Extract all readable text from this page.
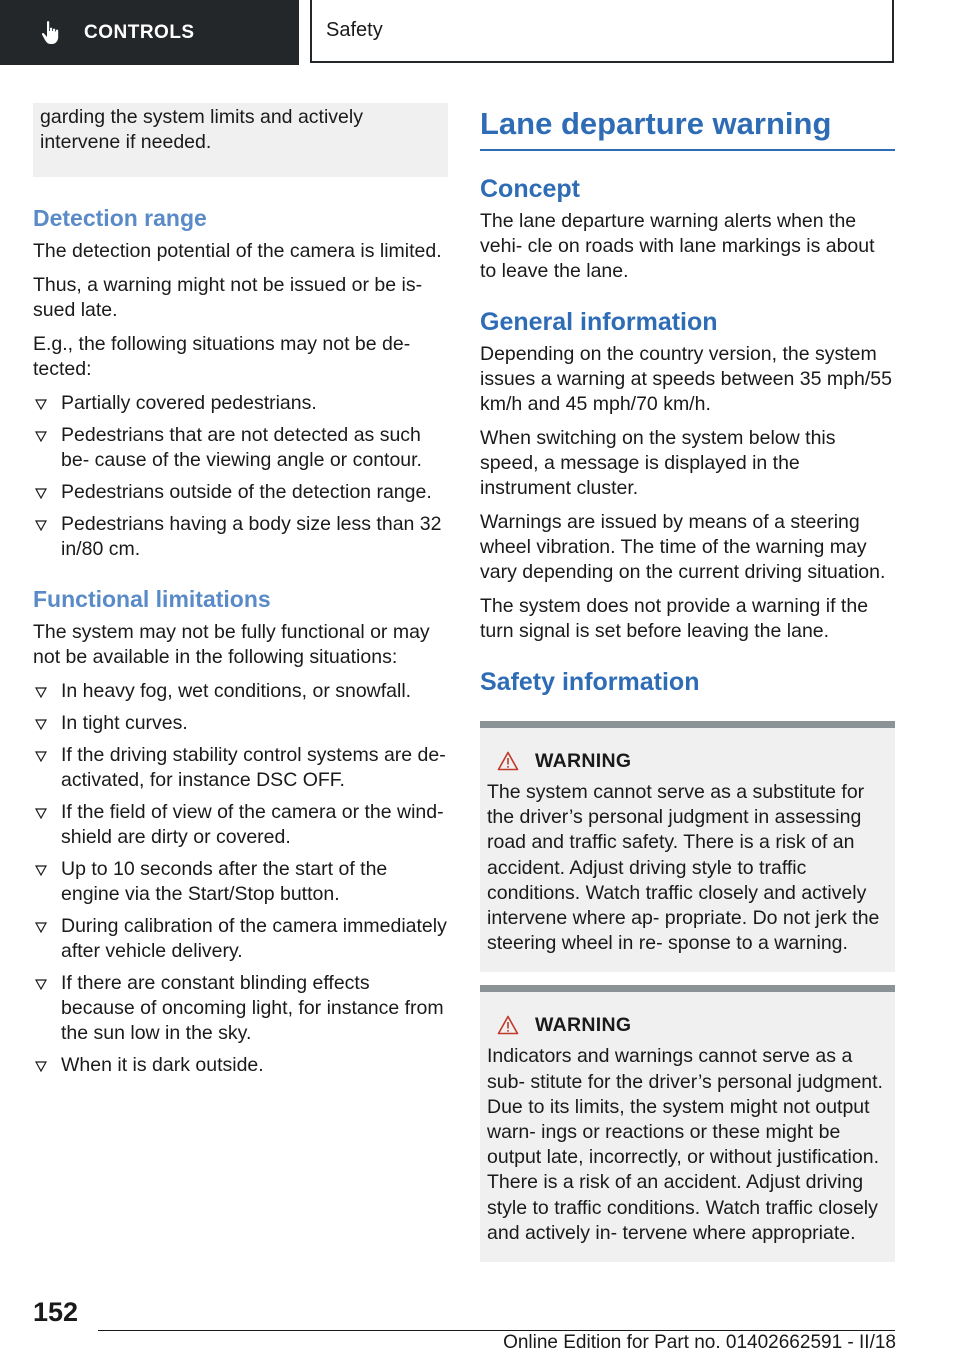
CONTROLS	Safety

garding the system limits and actively intervene if needed.

Detection range

The detection potential of the camera is limited.

Thus, a warning might not be issued or be is‐ sued late.

E.g., the following situations may not be de‐ tected:

Partially covered pedestrians.
Pedestrians that are not detected as such be‐ cause of the viewing angle or contour.
Pedestrians outside of the detection range.
Pedestrians having a body size less than 32 in/80 cm.
Functional limitations

The system may not be fully functional or may not be available in the following situations:

In heavy fog, wet conditions, or snowfall.
In tight curves.
If the driving stability control systems are de‐ activated, for instance DSC OFF.
If the field of view of the camera or the wind‐ shield are dirty or covered.
Up to 10 seconds after the start of the engine via the Start/Stop button.
During calibration of the camera immediately after vehicle delivery.
If there are constant blinding effects because of oncoming light, for instance from the sun low in the sky.
When it is dark outside.
Lane departure warning
Concept

The lane departure warning alerts when the vehi‐ cle on roads with lane markings is about to leave the lane.

General information

Depending on the country version, the system issues a warning at speeds between 35 mph/55 km/h and 45 mph/70 km/h.

When switching on the system below this speed, a message is displayed in the instrument cluster.

Warnings are issued by means of a steering wheel vibration. The time of the warning may vary depending on the current driving situation.

The system does not provide a warning if the turn signal is set before leaving the lane.

Safety information
WARNING

The system cannot serve as a substitute for the driver’s personal judgment in assessing road and traffic safety. There is a risk of an accident. Adjust driving style to traffic conditions. Watch traffic closely and actively intervene where ap‐ propriate. Do not jerk the steering wheel in re‐ sponse to a warning.

WARNING

Indicators and warnings cannot serve as a sub‐ stitute for the driver’s personal judgment. Due to its limits, the system might not output warn‐ ings or reactions or these might be output late, incorrectly, or without justification. There is a risk of an accident. Adjust driving style to traffic conditions. Watch traffic closely and actively in‐ tervene where appropriate.

152
Online Edition for Part no. 01402662591 - II/18
